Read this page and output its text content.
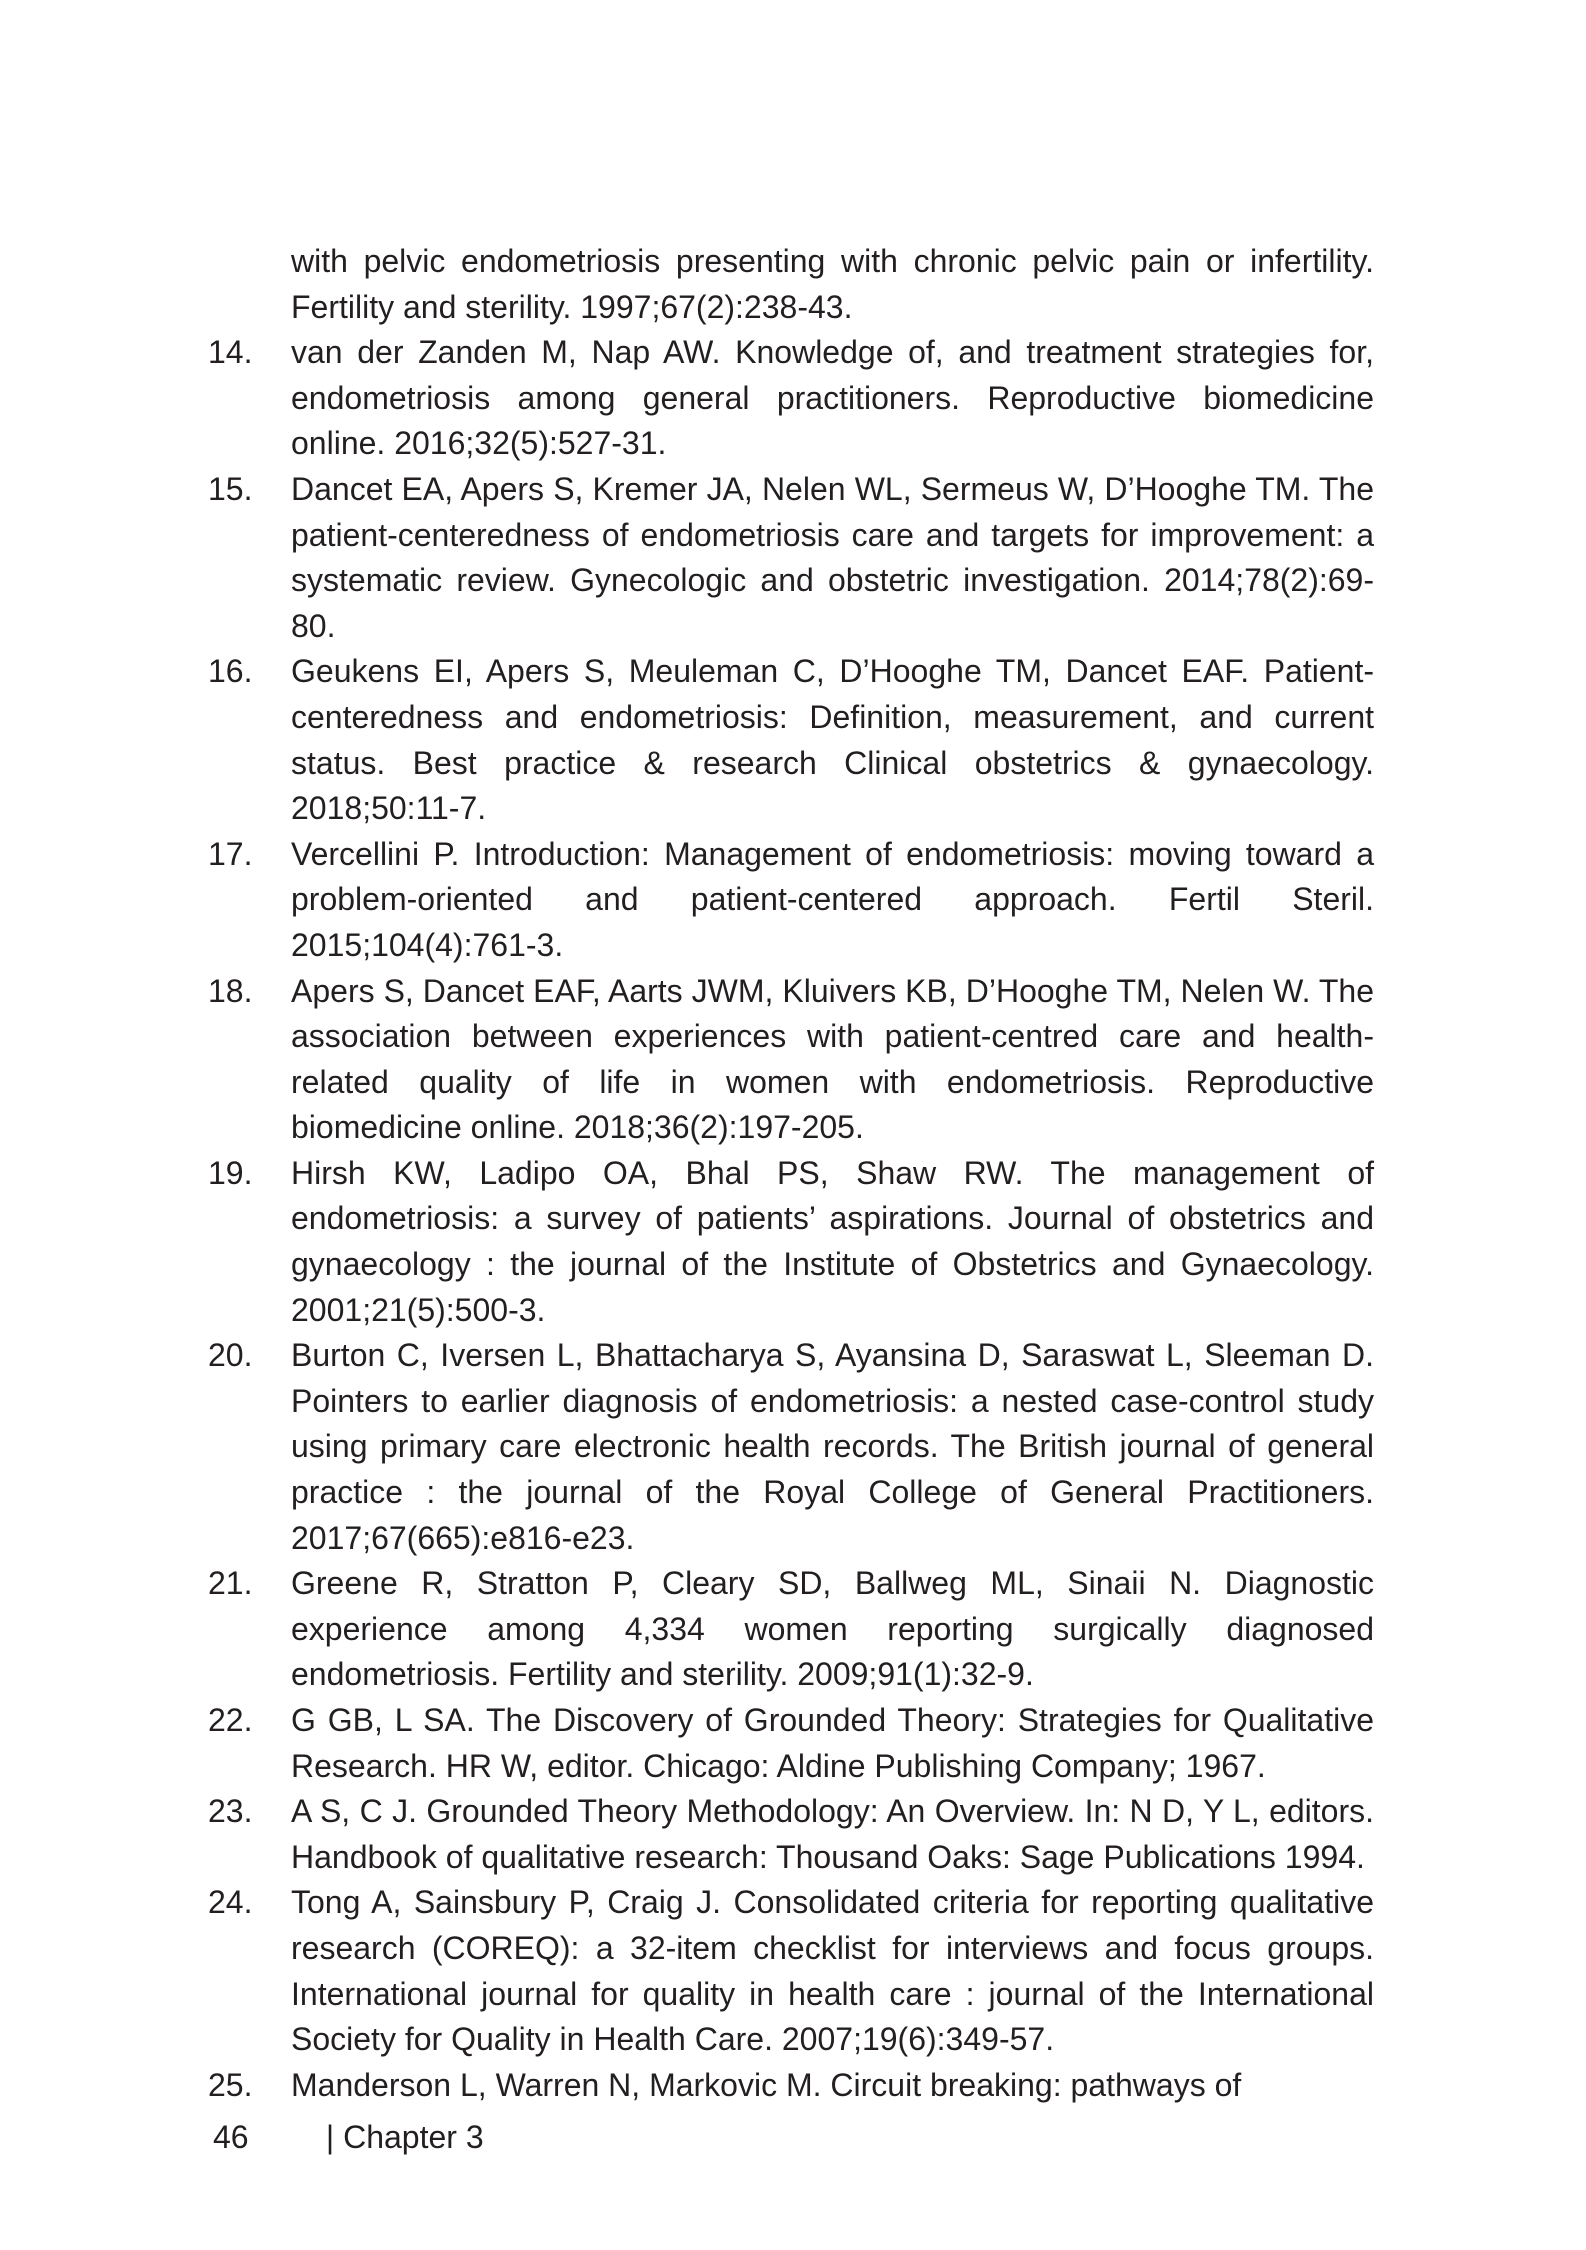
with pelvic endometriosis presenting with chronic pelvic pain or infertility. Fertility and sterility. 1997;67(2):238-43.
14. van der Zanden M, Nap AW. Knowledge of, and treatment strategies for, endometriosis among general practitioners. Reproductive biomedicine online. 2016;32(5):527-31.
15. Dancet EA, Apers S, Kremer JA, Nelen WL, Sermeus W, D’Hooghe TM. The patient-centeredness of endometriosis care and targets for improvement: a systematic review. Gynecologic and obstetric investigation. 2014;78(2):69-80.
16. Geukens EI, Apers S, Meuleman C, D’Hooghe TM, Dancet EAF. Patient-centeredness and endometriosis: Definition, measurement, and current status. Best practice & research Clinical obstetrics & gynaecology. 2018;50:11-7.
17. Vercellini P. Introduction: Management of endometriosis: moving toward a problem-oriented and patient-centered approach. Fertil Steril. 2015;104(4):761-3.
18. Apers S, Dancet EAF, Aarts JWM, Kluivers KB, D’Hooghe TM, Nelen W. The association between experiences with patient-centred care and health-related quality of life in women with endometriosis. Reproductive biomedicine online. 2018;36(2):197-205.
19. Hirsh KW, Ladipo OA, Bhal PS, Shaw RW. The management of endometriosis: a survey of patients’ aspirations. Journal of obstetrics and gynaecology : the journal of the Institute of Obstetrics and Gynaecology. 2001;21(5):500-3.
20. Burton C, Iversen L, Bhattacharya S, Ayansina D, Saraswat L, Sleeman D. Pointers to earlier diagnosis of endometriosis: a nested case-control study using primary care electronic health records. The British journal of general practice : the journal of the Royal College of General Practitioners. 2017;67(665):e816-e23.
21. Greene R, Stratton P, Cleary SD, Ballweg ML, Sinaii N. Diagnostic experience among 4,334 women reporting surgically diagnosed endometriosis. Fertility and sterility. 2009;91(1):32-9.
22. G GB, L SA. The Discovery of Grounded Theory: Strategies for Qualitative Research. HR W, editor. Chicago: Aldine Publishing Company; 1967.
23. A S, C J. Grounded Theory Methodology: An Overview. In: N D, Y L, editors. Handbook of qualitative research: Thousand Oaks: Sage Publications 1994.
24. Tong A, Sainsbury P, Craig J. Consolidated criteria for reporting qualitative research (COREQ): a 32-item checklist for interviews and focus groups. International journal for quality in health care : journal of the International Society for Quality in Health Care. 2007;19(6):349-57.
25. Manderson L, Warren N, Markovic M. Circuit breaking: pathways of
46 | Chapter 3
